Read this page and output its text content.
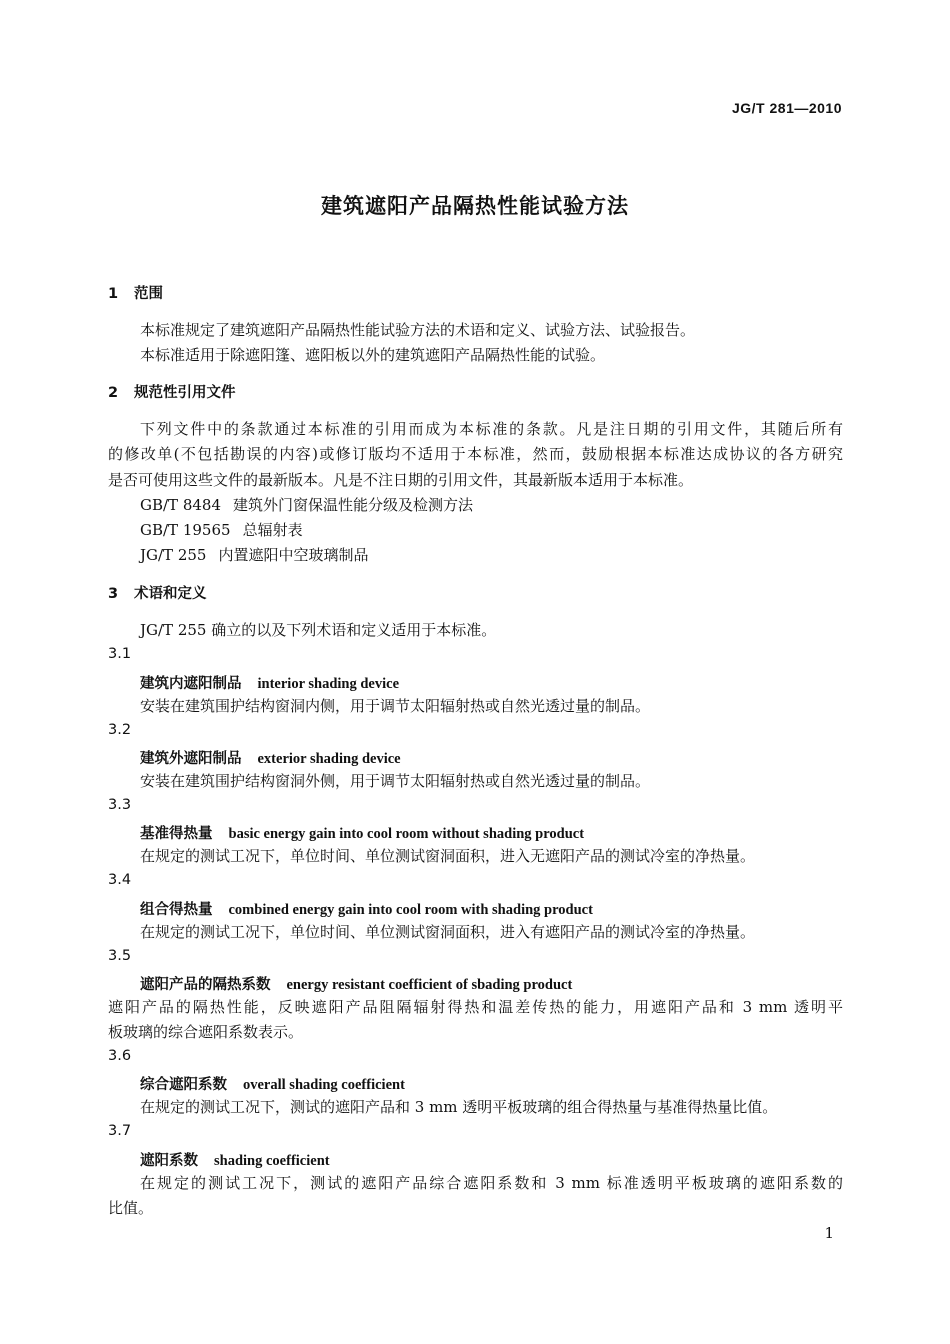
JG/T 281—2010
建筑遮阳产品隔热性能试验方法
1 范围
本标准规定了建筑遮阳产品隔热性能试验方法的术语和定义、试验方法、试验报告。
本标准适用于除遮阳篷、遮阳板以外的建筑遮阳产品隔热性能的试验。
2 规范性引用文件
下列文件中的条款通过本标准的引用而成为本标准的条款。凡是注日期的引用文件，其随后所有
的修改单(不包括勘误的内容)或修订版均不适用于本标准，然而，鼓励根据本标准达成协议的各方研究
是否可使用这些文件的最新版本。凡是不注日期的引用文件，其最新版本适用于本标准。
GB/T 8484 建筑外门窗保温性能分级及检测方法
GB/T 19565 总辐射表
JG/T 255 内置遮阳中空玻璃制品
3 术语和定义
JG/T 255 确立的以及下列术语和定义适用于本标准。
3.1
建筑内遮阳制品 interior shading device
安装在建筑围护结构窗洞内侧，用于调节太阳辐射热或自然光透过量的制品。
3.2
建筑外遮阳制品 exterior shading device
安装在建筑围护结构窗洞外侧，用于调节太阳辐射热或自然光透过量的制品。
3.3
基准得热量 basic energy gain into cool room without shading product
在规定的测试工况下，单位时间、单位测试窗洞面积，进入无遮阳产品的测试冷室的净热量。
3.4
组合得热量 combined energy gain into cool room with shading product
在规定的测试工况下，单位时间、单位测试窗洞面积，进入有遮阳产品的测试冷室的净热量。
3.5
遮阳产品的隔热系数 energy resistant coefficient of sbading product
遮阳产品的隔热性能，反映遮阳产品阻隔辐射得热和温差传热的能力，用遮阳产品和 3 mm 透明平
板玻璃的综合遮阳系数表示。
3.6
综合遮阳系数 overall shading coefficient
在规定的测试工况下，测试的遮阳产品和 3 mm 透明平板玻璃的组合得热量与基准得热量比值。
3.7
遮阳系数 shading coefficient
在规定的测试工况下，测试的遮阳产品综合遮阳系数和 3 mm 标准透明平板玻璃的遮阳系数的
比值。
1
